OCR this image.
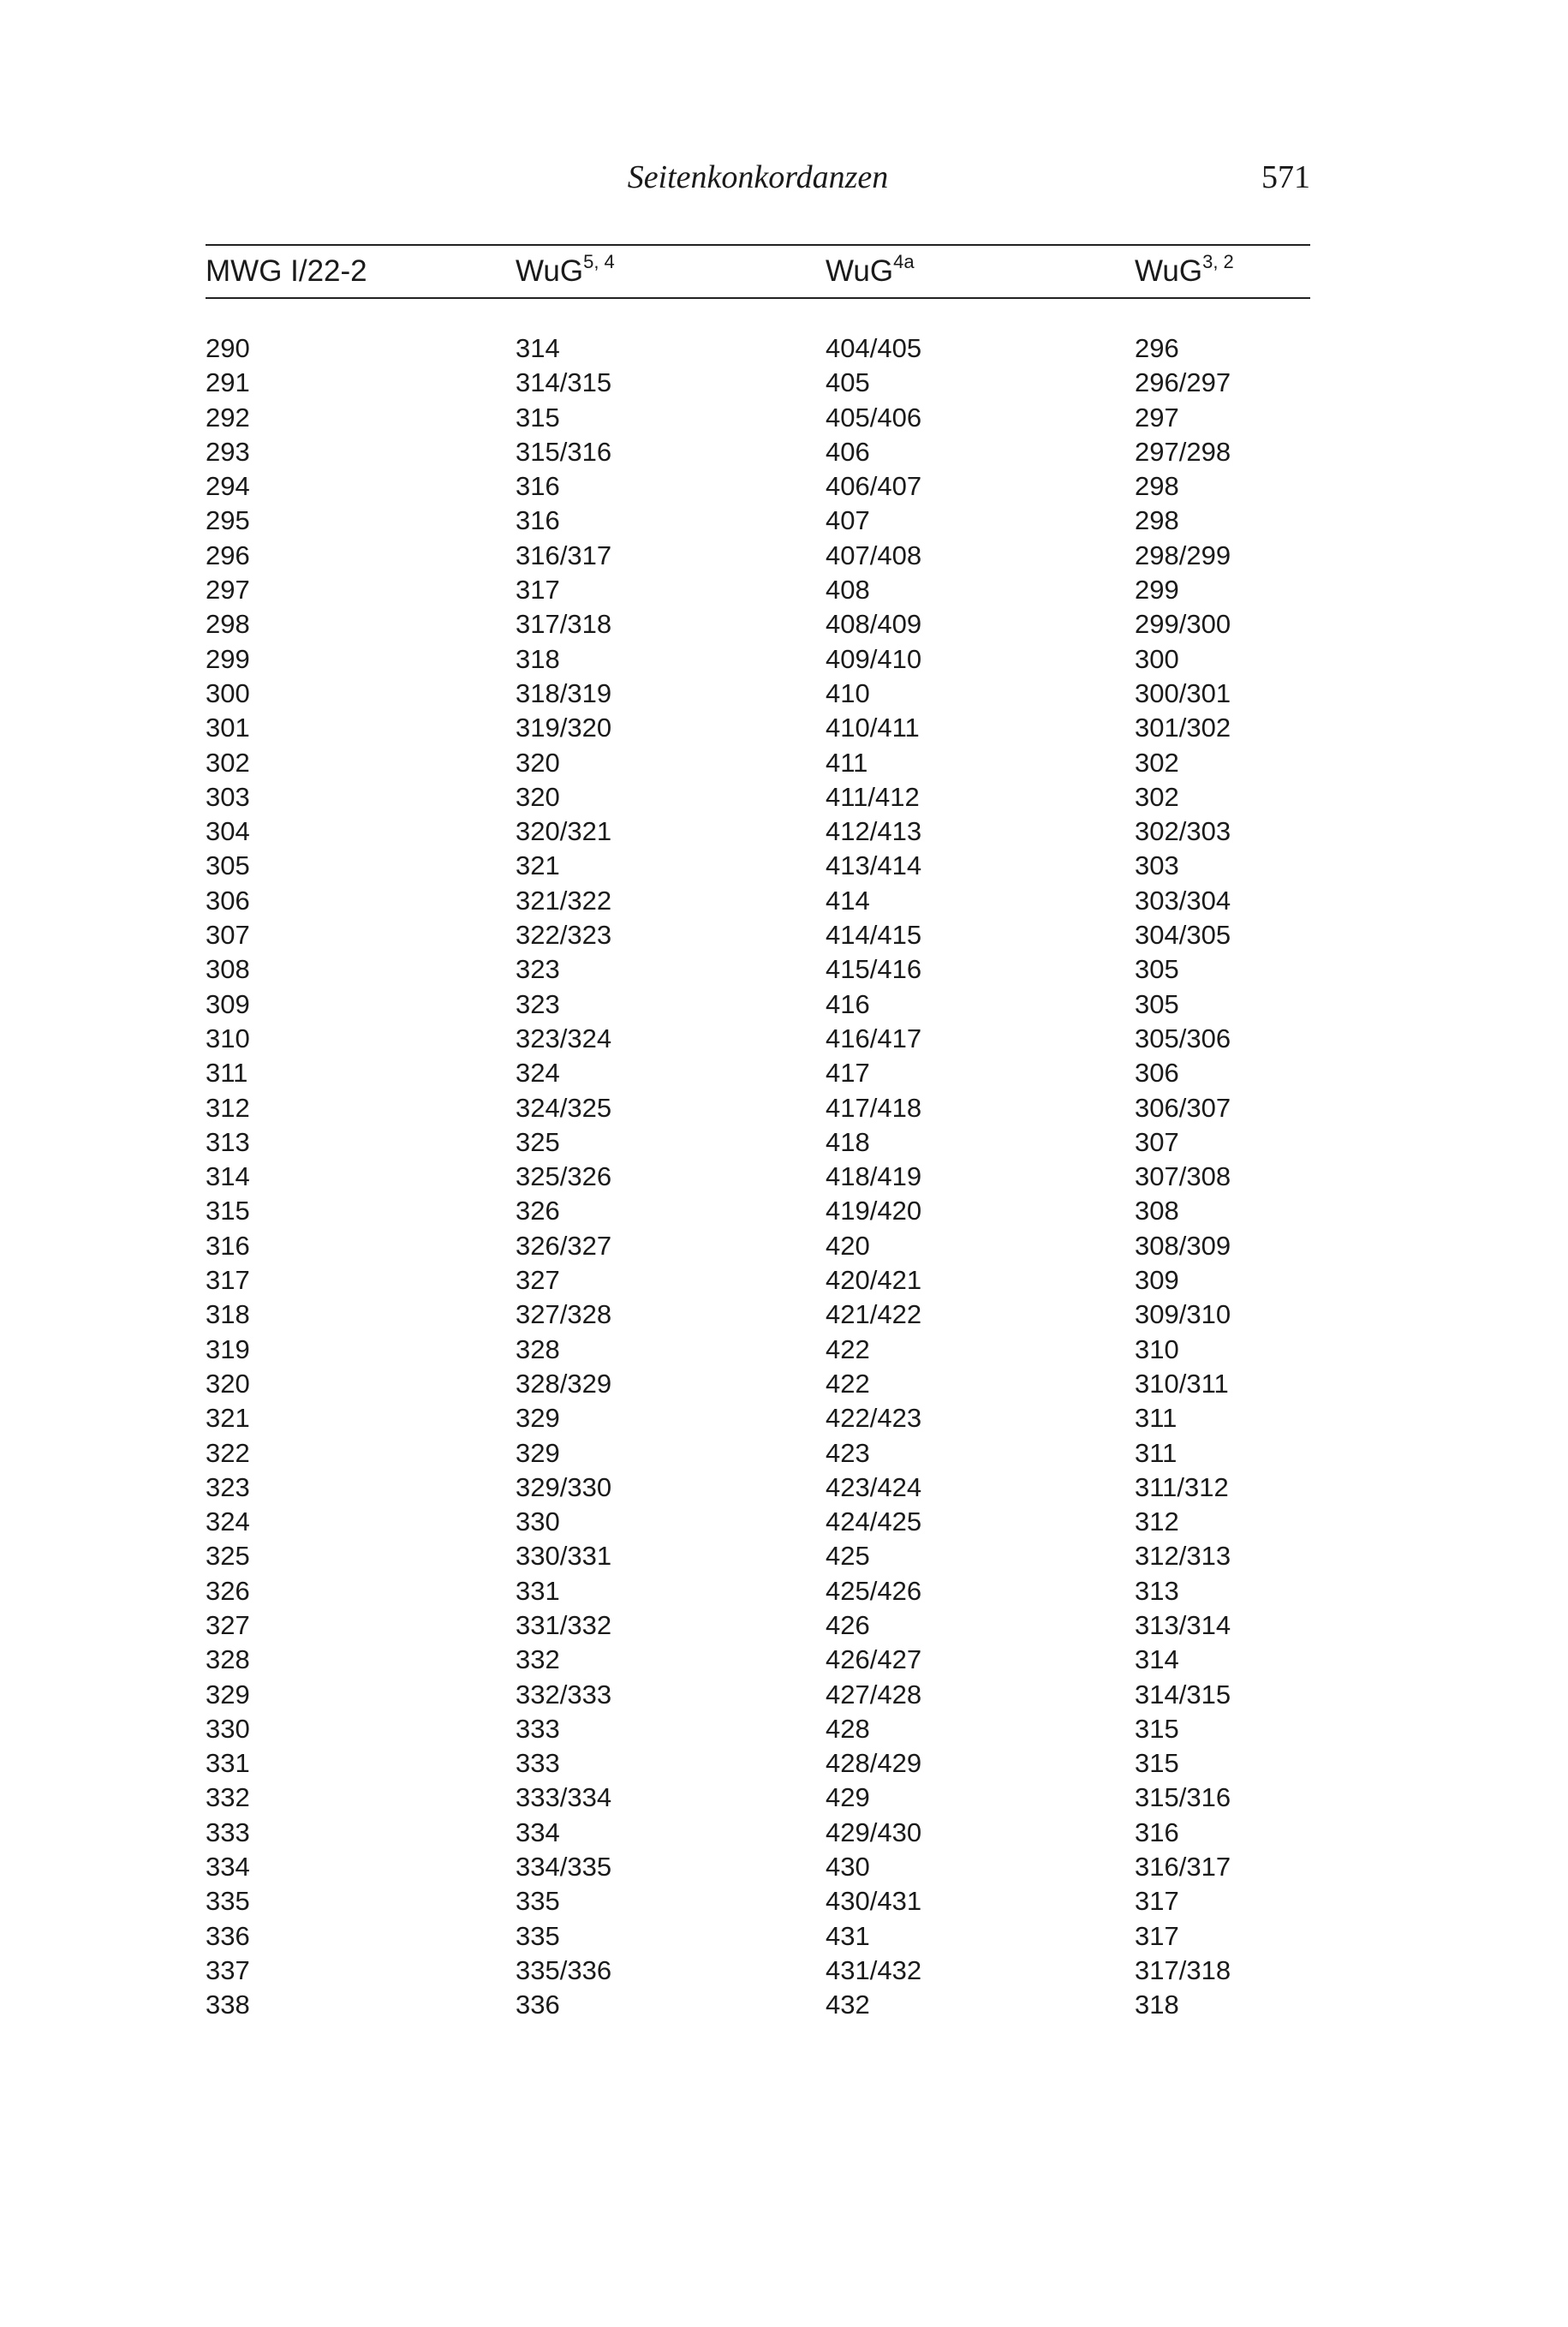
Seitenkonkordanzen	571
MWG I/22-2	WuG$^{5, 4}$	WuG$^{4a}$	WuG$^{3, 2}$
290	314	404/405	296
291	314/315	405	296/297
292	315	405/406	297
293	315/316	406	297/298
294	316	406/407	298
295	316	407	298
296	316/317	407/408	298/299
297	317	408	299
298	317/318	408/409	299/300
299	318	409/410	300
300	318/319	410	300/301
301	319/320	410/411	301/302
302	320	411	302
303	320	411/412	302
304	320/321	412/413	302/303
305	321	413/414	303
306	321/322	414	303/304
307	322/323	414/415	304/305
308	323	415/416	305
309	323	416	305
310	323/324	416/417	305/306
311	324	417	306
312	324/325	417/418	306/307
313	325	418	307
314	325/326	418/419	307/308
315	326	419/420	308
316	326/327	420	308/309
317	327	420/421	309
318	327/328	421/422	309/310
319	328	422	310
320	328/329	422	310/311
321	329	422/423	311
322	329	423	311
323	329/330	423/424	311/312
324	330	424/425	312
325	330/331	425	312/313
326	331	425/426	313
327	331/332	426	313/314
328	332	426/427	314
329	332/333	427/428	314/315
330	333	428	315
331	333	428/429	315
332	333/334	429	315/316
333	334	429/430	316
334	334/335	430	316/317
335	335	430/431	317
336	335	431	317
337	335/336	431/432	317/318
338	336	432	318
